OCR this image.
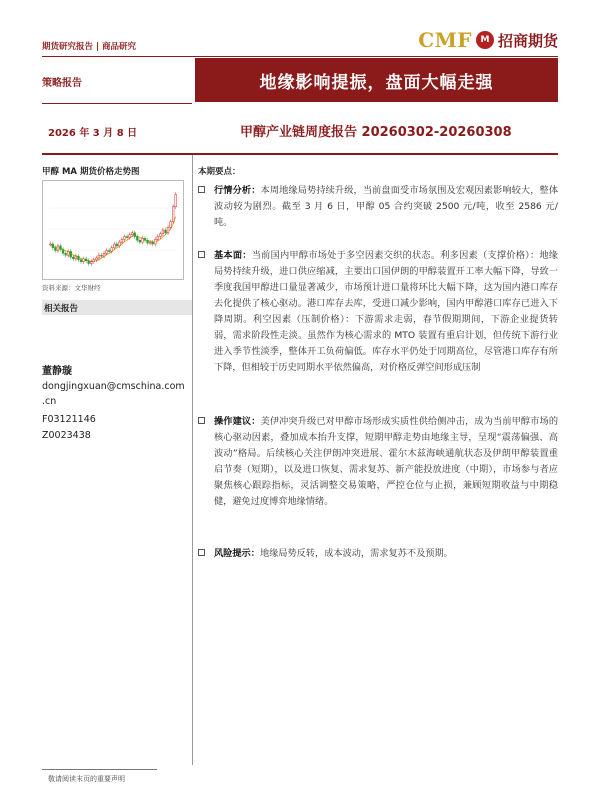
期货研究报告 | 商品研究	CMF M 招商期货
策略报告	地缘影响提振，盘面大幅走强
2026 年 3 月 8 日	甲醇产业链周度报告 20260302-20260308
甲醇 MA 期货价格走势图
资料来源：文华财经
相关报告
董静璇
dongjingxuan@cmschina.com
.cn
F03121146
Z0023438
本期要点：
行情分析：本周地缘局势持续升级，当前盘面受市场氛围及宏观因素影响较大，整体波动较为剧烈。截至 3 月 6 日，甲醇 05 合约突破 2500 元/吨，收至 2586 元/吨。
基本面：当前国内甲醇市场处于多空因素交织的状态。利多因素（支撑价格）：地缘局势持续升级，进口供应缩减，主要出口国伊朗的甲醇装置开工率大幅下降，导致一季度我国甲醇进口量显著减少，市场预计进口量将环比大幅下降，这为国内港口库存去化提供了核心驱动。港口库存去库，受进口减少影响，国内甲醇港口库存已进入下降周期。利空因素（压制价格）：下游需求走弱，春节假期期间，下游企业提货转弱，需求阶段性走淡。虽然作为核心需求的 MTO 装置有重启计划，但传统下游行业进入季节性淡季，整体开工负荷偏低。库存水平仍处于同期高位，尽管港口库存有所下降，但相较于历史同期水平依然偏高，对价格反弹空间形成压制
操作建议：美伊冲突升级已对甲醇市场形成实质性供给侧冲击，成为当前甲醇市场的核心驱动因素，叠加成本抬升支撑，短期甲醇走势由地缘主导，呈现“震荡偏强、高波动”格局。后续核心关注伊朗冲突进展、霍尔木兹海峡通航状态及伊朗甲醇装置重启节奏（短期），以及进口恢复、需求复苏、新产能投放进度（中期），市场参与者应聚焦核心跟踪指标，灵活调整交易策略，严控仓位与止损，兼顾短期收益与中期稳健，避免过度博弈地缘情绪。
风险提示：地缘局势反转，成本波动，需求复苏不及预期。
敬请阅读末页的重要声明
